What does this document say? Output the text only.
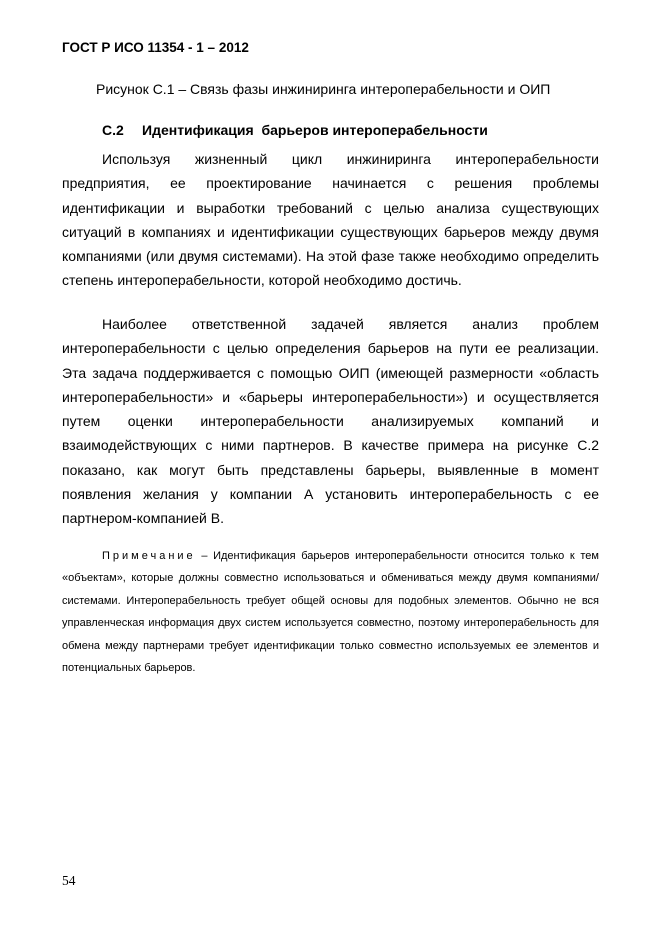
ГОСТ Р ИСО 11354 - 1 – 2012
Рисунок С.1 – Связь фазы инжиниринга интероперабельности и ОИП
С.2 Идентификация  барьеров интероперабельности

Используя жизненный цикл инжиниринга интероперабельности предприятия, ее проектирование начинается с решения проблемы идентификации и выработки требований с целью анализа существующих ситуаций в компаниях и идентификации существующих барьеров между двумя компаниями (или двумя системами). На этой фазе также необходимо определить степень интероперабельности, которой необходимо достичь.

Наиболее ответственной задачей является анализ проблем интероперабельности с целью определения барьеров на пути ее реализации. Эта задача поддерживается с помощью ОИП (имеющей размерности «область интероперабельности» и «барьеры интероперабельности») и осуществляется путем оценки интероперабельности анализируемых компаний и взаимодействующих с ними партнеров. В качестве примера на рисунке С.2 показано, как могут быть представлены барьеры, выявленные в момент появления желания у компании А установить интероперабельность с ее партнером-компанией В.

Примечание – Идентификация барьеров интероперабельности относится только к тем «объектам», которые должны совместно использоваться и обмениваться между двумя компаниями/системами. Интероперабельность требует общей основы для подобных элементов. Обычно не вся управленческая информация двух систем используется совместно, поэтому интероперабельность для обмена между партнерами требует идентификации только совместно используемых ее элементов и потенциальных барьеров.

54
